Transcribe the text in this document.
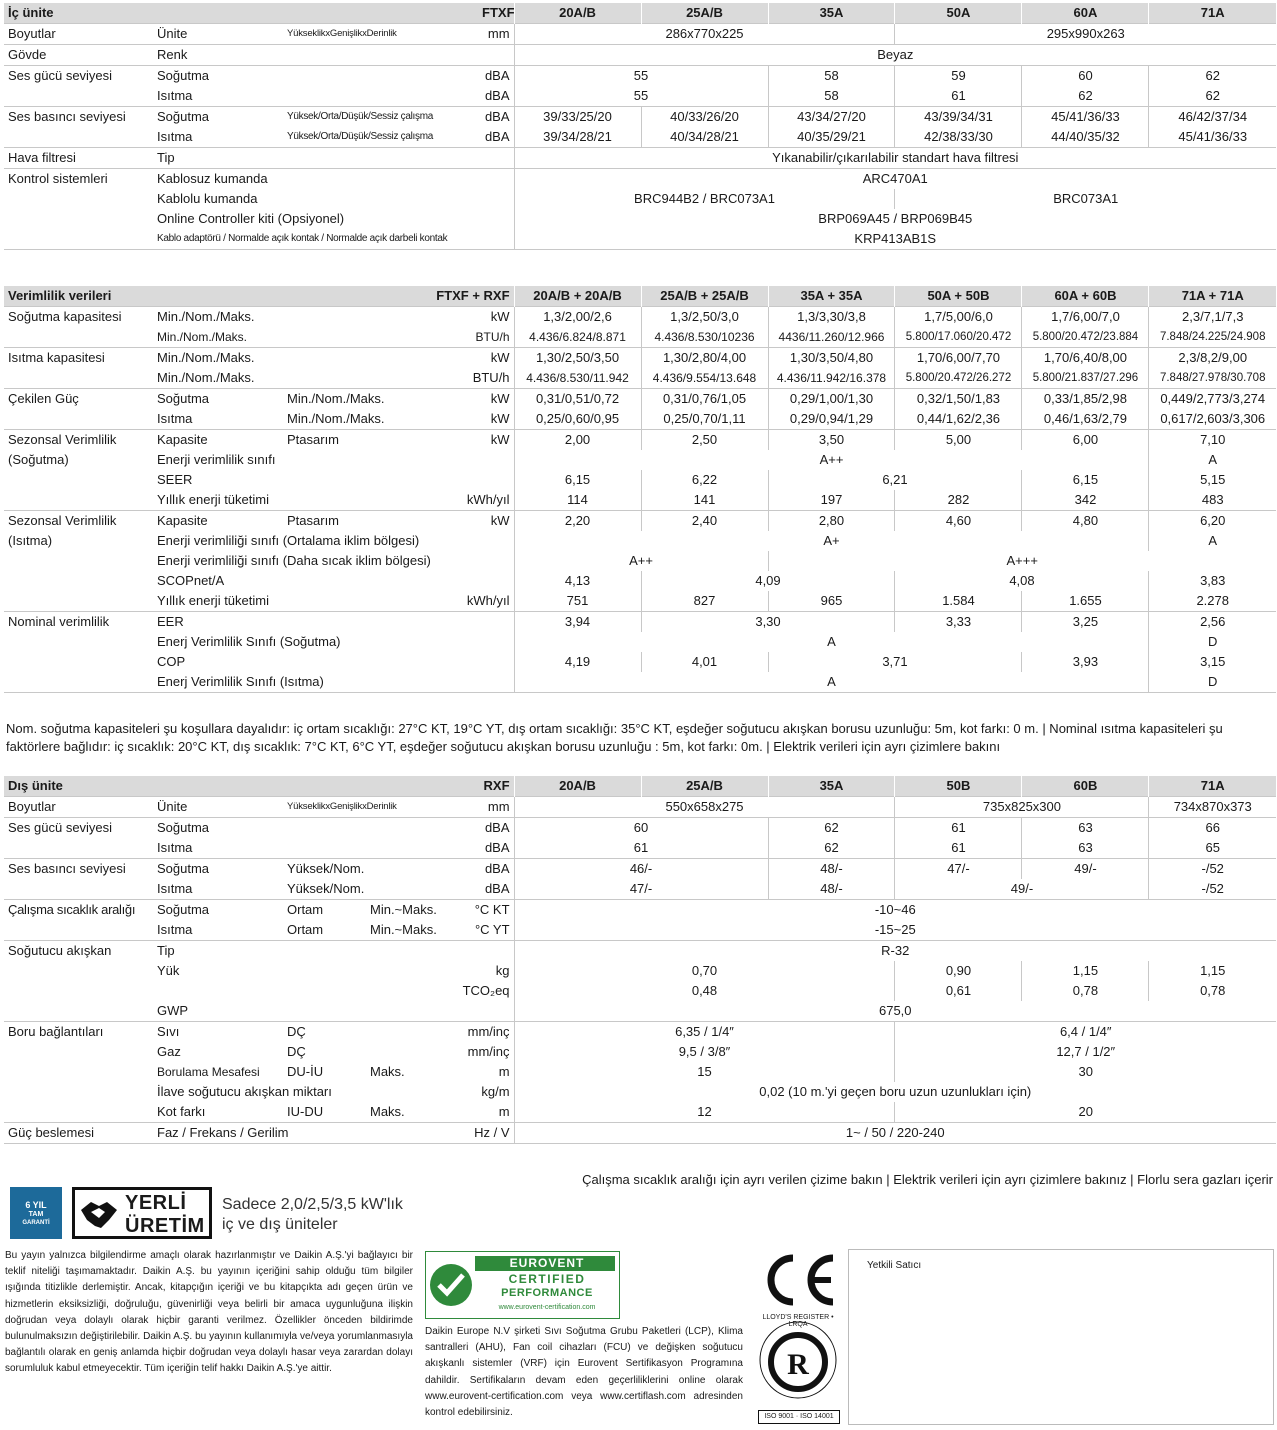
İç ünite			FTXF	20A/B	25A/B	35A	50A	60A	71A
Boyutlar	Ünite	YükseklikxGenişlikxDerinlik	mm	286x770x225			295x990x263		
Gövde	Renk			Beyaz					
Ses gücü seviyesi	Soğutma		dBA	55		58	59	60	62
	Isıtma		dBA	55		58	61	62	62
Ses basıncı seviyesi	Soğutma	Yüksek/Orta/Düşük/Sessiz çalışma	dBA	39/33/25/20	40/33/26/20	43/34/27/20	43/39/34/31	45/41/36/33	46/42/37/34
	Isıtma	Yüksek/Orta/Düşük/Sessiz çalışma	dBA	39/34/28/21	40/34/28/21	40/35/29/21	42/38/33/30	44/40/35/32	45/41/36/33
Hava filtresi	Tip			Yıkanabilir/çıkarılabilir standart hava filtresi					
Kontrol sistemleri	Kablosuz kumanda			ARC470A1					
	Kablolu kumanda			BRC944B2 / BRC073A1			BRC073A1		
	Online Controller kiti (Opsiyonel)			BRP069A45 / BRP069B45					
	Kablo adaptörü / Normalde açık kontak / Normalde açık darbeli kontak			KRP413AB1S					
Verimlilik verileri			FTXF + RXF	20A/B + 20A/B	25A/B + 25A/B	35A + 35A	50A + 50B	60A + 60B	71A + 71A
Soğutma kapasitesi	Min./Nom./Maks.		kW	1,3/2,00/2,6	1,3/2,50/3,0	1,3/3,30/3,8	1,7/5,00/6,0	1,7/6,00/7,0	2,3/7,1/7,3
	Min./Nom./Maks.		BTU/h	4.436/6.824/8.871	4.436/8.530/10236	4436/11.260/12.966	5.800/17.060/20.472	5.800/20.472/23.884	7.848/24.225/24.908
Isıtma kapasitesi	Min./Nom./Maks.		kW	1,30/2,50/3,50	1,30/2,80/4,00	1,30/3,50/4,80	1,70/6,00/7,70	1,70/6,40/8,00	2,3/8,2/9,00
	Min./Nom./Maks.		BTU/h	4.436/8.530/11.942	4.436/9.554/13.648	4.436/11.942/16.378	5.800/20.472/26.272	5.800/21.837/27.296	7.848/27.978/30.708
Çekilen Güç	Soğutma	Min./Nom./Maks.	kW	0,31/0,51/0,72	0,31/0,76/1,05	0,29/1,00/1,30	0,32/1,50/1,83	0,33/1,85/2,98	0,449/2,773/3,274
	Isıtma	Min./Nom./Maks.	kW	0,25/0,60/0,95	0,25/0,70/1,11	0,29/0,94/1,29	0,44/1,62/2,36	0,46/1,63/2,79	0,617/2,603/3,306
Sezonsal Verimlilik	Kapasite	Ptasarım	kW	2,00	2,50	3,50	5,00	6,00	7,10
(Soğutma)	Enerji verimlilik sınıfı			A++					A
	SEER			6,15	6,22	6,21		6,15	5,15
	Yıllık enerji tüketimi		kWh/yıl	114	141	197	282	342	483
Sezonsal Verimlilik	Kapasite	Ptasarım	kW	2,20	2,40	2,80	4,60	4,80	6,20
(Isıtma)	Enerji verimliliği sınıfı (Ortalama iklim bölgesi)			A+					A
	Enerji verimliliği sınıfı (Daha sıcak iklim bölgesi)			A++		A+++			
	SCOPnet/A			4,13	4,09		4,08		3,83
	Yıllık enerji tüketimi		kWh/yıl	751	827	965	1.584	1.655	2.278
Nominal verimlilik	EER			3,94	3,30		3,33	3,25	2,56
	Enerj Verimlilik Sınıfı (Soğutma)			A					D
	COP			4,19	4,01	3,71		3,93	3,15
	Enerj Verimlilik Sınıfı (Isıtma)			A					D
Nom. soğutma kapasiteleri şu koşullara dayalıdır: iç ortam sıcaklığı: 27°C KT, 19°C YT, dış ortam sıcaklığı: 35°C KT, eşdeğer soğutucu akışkan borusu uzunluğu: 5m, kot farkı: 0 m. | Nominal ısıtma kapasiteleri şu faktörlere bağlıdır: iç sıcaklık: 20°C KT, dış sıcaklık: 7°C KT, 6°C YT, eşdeğer soğutucu akışkan borusu uzunluğu : 5m, kot farkı: 0m. | Elektrik verileri için ayrı çizimlere bakını
Dış ünite				RXF	20A/B	25A/B	35A	50B	60B	71A
Boyutlar	Ünite	YükseklikxGenişlikxDerinlik		mm	550x658x275			735x825x300		734x870x373
Ses gücü seviyesi	Soğutma			dBA	60		62	61	63	66
	Isıtma			dBA	61		62	61	63	65
Ses basıncı seviyesi	Soğutma	Yüksek/Nom.		dBA	46/-		48/-	47/-	49/-	-/52
	Isıtma	Yüksek/Nom.		dBA	47/-		48/-	49/-		-/52
Çalışma sıcaklık aralığı	Soğutma	Ortam	Min.~Maks.	°C KT	-10~46					
	Isıtma	Ortam	Min.~Maks.	°C YT	-15~25					
Soğutucu akışkan	Tip				R-32					
	Yük			kg	0,70			0,90	1,15	1,15
				TCO₂eq	0,48			0,61	0,78	0,78
	GWP				675,0					
Boru bağlantıları	Sıvı	DÇ		mm/inç	6,35 / 1/4″			6,4 / 1/4″		
	Gaz	DÇ		mm/inç	9,5 / 3/8″			12,7 / 1/2″		
	Borulama Mesafesi	DU-İU	Maks.	m	15			30		
	İlave soğutucu akışkan miktarı			kg/m	0,02 (10 m.'yi geçen boru uzun uzunlukları için)					
	Kot farkı	IU-DU	Maks.	m	12			20		
Güç beslemesi	Faz / Frekans / Gerilim			Hz / V	1~ / 50 / 220-240					
Çalışma sıcaklık aralığı için ayrı verilen çizime bakın | Elektrik verileri için ayrı çizimlere bakınız | Florlu sera gazları içerir
6 YIL
TAM
GARANTİ
YERLİ
ÜRETİM
Sadece 2,0/2,5/3,5 kW'lık
iç ve dış üniteler
Bu yayın yalnızca bilgilendirme amaçlı olarak hazırlanmıştır ve Daikin A.Ş.'yi bağlayıcı bir teklif niteliği taşımamaktadır. Daikin A.Ş. bu yayının içeriğini sahip olduğu tüm bilgiler ışığında titizlikle derlemiştir. Ancak, kitapçığın içeriği ve bu kitapçıkta adı geçen ürün ve hizmetlerin eksiksizliği, doğruluğu, güvenirliği veya belirli bir amaca uygunluğuna ilişkin doğrudan veya dolaylı olarak hiçbir garanti verilmez. Özellikler önceden bildirimde bulunulmaksızın değiştirilebilir. Daikin A.Ş. bu yayının kullanımıyla ve/veya yorumlanmasıyla bağlantılı olarak en geniş anlamda hiçbir doğrudan veya dolaylı hasar veya zarardan dolayı sorumluluk kabul etmeyecektir. Tüm içeriğin telif hakkı Daikin A.Ş.'ye aittir.
EUROVENT
CERTIFIED
PERFORMANCE
www.eurovent-certification.com
Daikin Europe N.V şirketi Sıvı Soğutma Grubu Paketleri (LCP), Klima santralleri (AHU), Fan coil cihazları (FCU) ve değişken soğutucu akışkanlı sistemler (VRF) için Eurovent Sertifikasyon Programına dahildir. Sertifikaların devam eden geçerliliklerini online olarak www.eurovent-certification.com veya www.certiflash.com adresinden kontrol edebilirsiniz.
R
LLOYD'S REGISTER • LRQA
ISO 9001 · ISO 14001
Yetkili Satıcı
